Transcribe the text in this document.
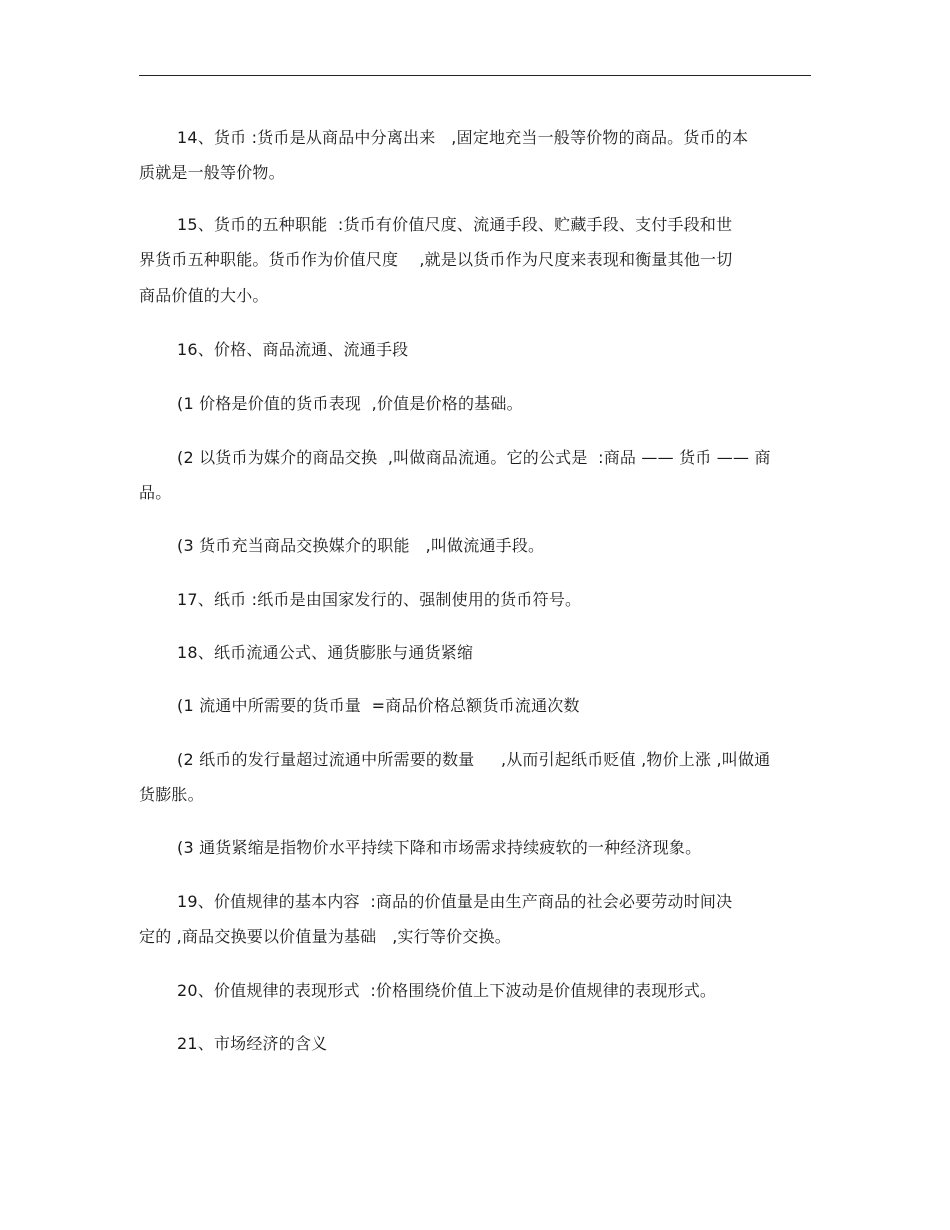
14、货币 :货币是从商品中分离出来   ,固定地充当一般等价物的商品。货币的本
质就是一般等价物。
15、货币的五种职能  :货币有价值尺度、流通手段、贮藏手段、支付手段和世
界货币五种职能。货币作为价值尺度    ,就是以货币作为尺度来表现和衡量其他一切
商品价值的大小。
16、价格、商品流通、流通手段
(1 价格是价值的货币表现  ,价值是价格的基础。
(2 以货币为媒介的商品交换  ,叫做商品流通。它的公式是  :商品 —— 货币 —— 商
品。
(3 货币充当商品交换媒介的职能   ,叫做流通手段。
17、纸币 :纸币是由国家发行的、强制使用的货币符号。
18、纸币流通公式、通货膨胀与通货紧缩
(1 流通中所需要的货币量  =商品价格总额货币流通次数
(2 纸币的发行量超过流通中所需要的数量     ,从而引起纸币贬值 ,物价上涨 ,叫做通
货膨胀。
(3 通货紧缩是指物价水平持续下降和市场需求持续疲软的一种经济现象。
19、价值规律的基本内容  :商品的价值量是由生产商品的社会必要劳动时间决
定的 ,商品交换要以价值量为基础   ,实行等价交换。
20、价值规律的表现形式  :价格围绕价值上下波动是价值规律的表现形式。
21、市场经济的含义
